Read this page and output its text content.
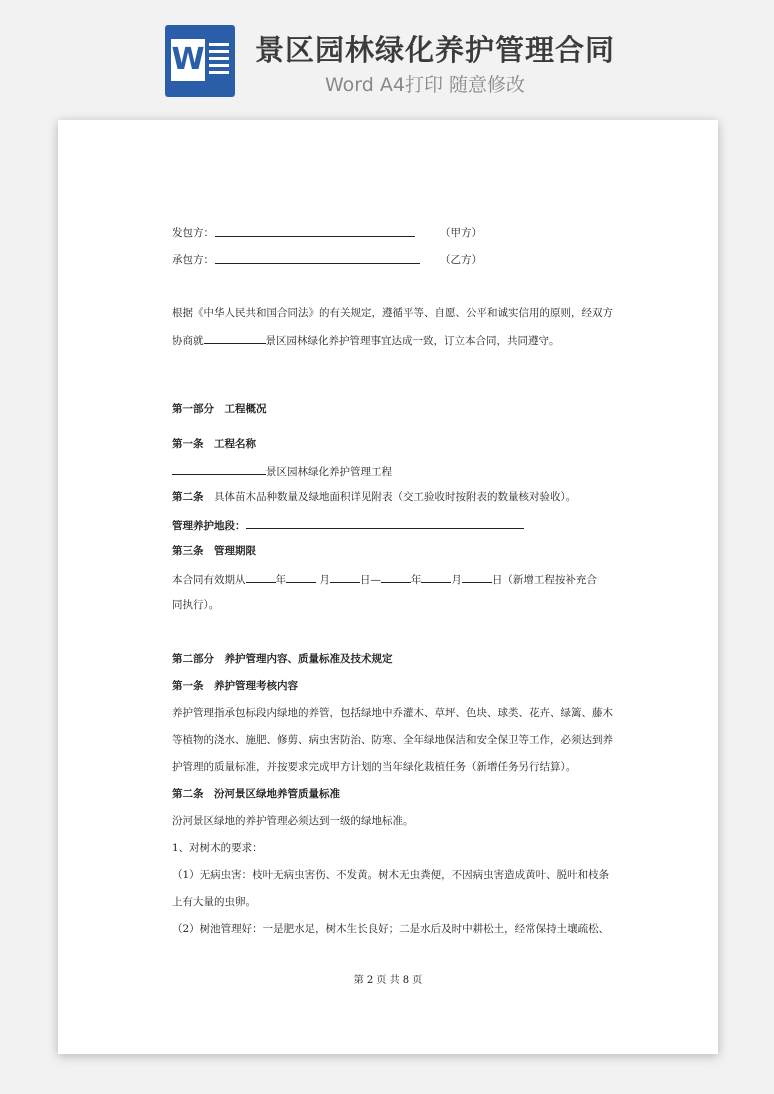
W 景区园林绿化养护管理合同
Word A4打印 随意修改
发包方：	（甲方）
承包方：	（乙方）
根据《中华人民共和国合同法》的有关规定，遵循平等、自愿、公平和诚实信用的原则，经双方
协商就	景区园林绿化养护管理事宜达成一致，订立本合同，共同遵守。
第一部分　工程概况
第一条　工程名称
景区园林绿化养护管理工程
第二条　具体苗木品种数量及绿地面积详见附表（交工验收时按附表的数量核对验收）。
管理养护地段：
第三条　管理期限
本合同有效期从	年	月	日—	年	月	日（新增工程按补充合
同执行）。
第二部分　养护管理内容、质量标准及技术规定
第一条　养护管理考核内容
养护管理指承包标段内绿地的养管，包括绿地中乔灌木、草坪、色块、球类、花卉、绿篱、藤木
等植物的浇水、施肥、修剪、病虫害防治、防寒、全年绿地保洁和安全保卫等工作，必须达到养
护管理的质量标准，并按要求完成甲方计划的当年绿化栽植任务（新增任务另行结算）。
第二条　汾河景区绿地养管质量标准
汾河景区绿地的养护管理必须达到一级的绿地标准。
1、对树木的要求：
（1）无病虫害：枝叶无病虫害伤、不发黄。树木无虫粪便，不因病虫害造成黄叶、脱叶和枝条
上有大量的虫卵。
（2）树池管理好：一是肥水足，树木生长良好；二是水后及时中耕松土，经常保持土壤疏松、
第 2 页 共 8 页
